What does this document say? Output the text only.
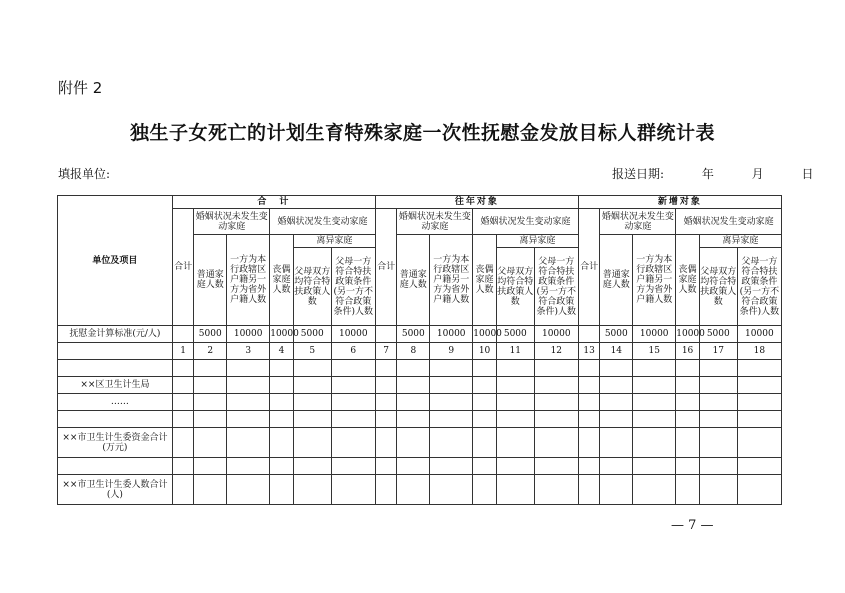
附件 2
独生子女死亡的计划生育特殊家庭一次性抚慰金发放目标人群统计表
填报单位:	报送日期:　 年　 月　 日
单位及项目	合　计						往年对象						新增对象					
	合计	婚姻状况未发生变动家庭		婚姻状况发生变动家庭			合计	婚姻状况未发生变动家庭		婚姻状况发生变动家庭			合计	婚姻状况未发生变动家庭		婚姻状况发生变动家庭		
		普通家庭人数	一方为本行政辖区户籍另一方为省外户籍人数	丧偶家庭人数	离异家庭			普通家庭人数	一方为本行政辖区户籍另一方为省外户籍人数	丧偶家庭人数	离异家庭			普通家庭人数	一方为本行政辖区户籍另一方为省外户籍人数	丧偶家庭人数	离异家庭	
					父母双方均符合特扶政策人数	父母一方符合特扶政策条件(另一方不符合政策条件)人数					父母双方均符合特扶政策人数	父母一方符合特扶政策条件(另一方不符合政策条件)人数					父母双方均符合特扶政策人数	父母一方符合特扶政策条件(另一方不符合政策条件)人数
抚慰金计算标准(元/人)		5000	10000	10000	5000	10000		5000	10000	10000	5000	10000		5000	10000	10000	5000	10000
	1	2	3	4	5	6	7	8	9	10	11	12	13	14	15	16	17	18

××区卫生计生局																		
……																		

××市卫生计生委资金合计(万元)																		

××市卫生计生委人数合计(人)																		
— 7 —
